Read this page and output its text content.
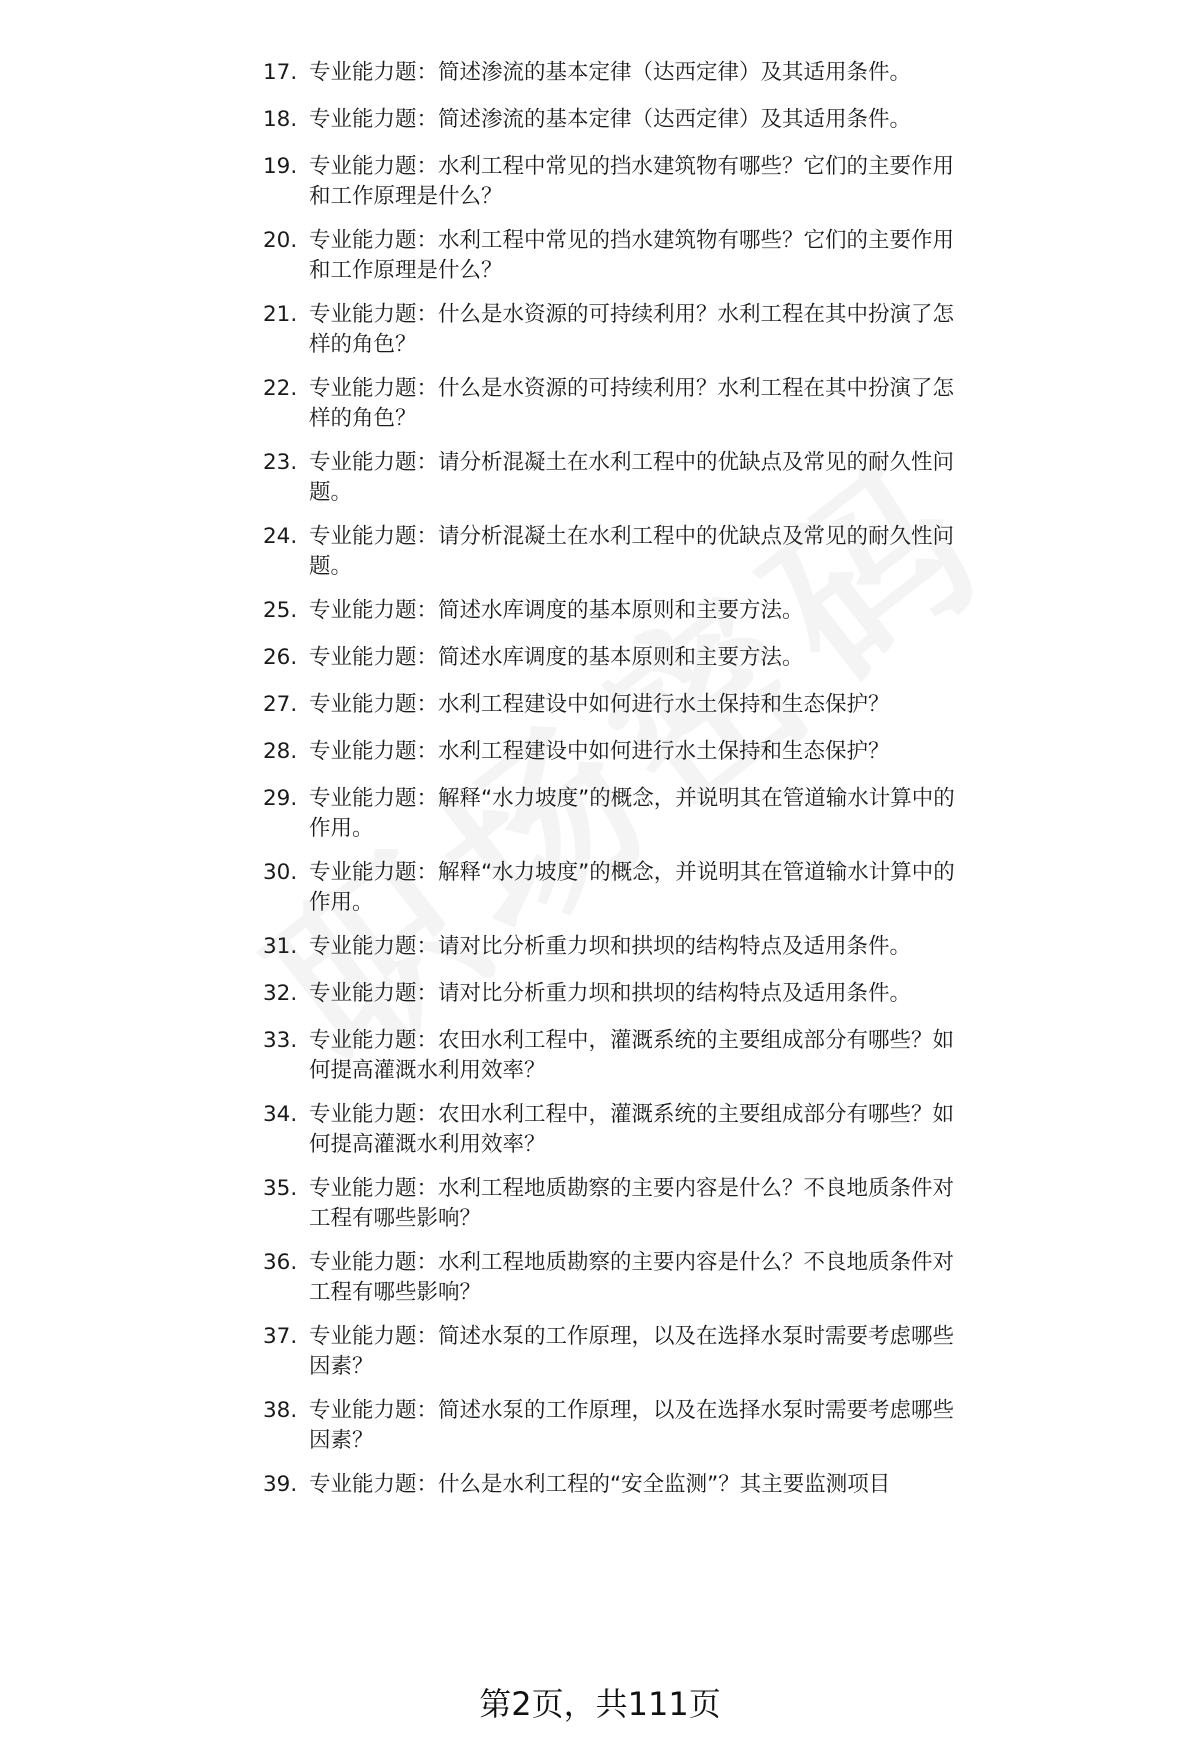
17. 专业能力题：简述渗流的基本定律（达西定律）及其适用条件。
18. 专业能力题：简述渗流的基本定律（达西定律）及其适用条件。
19. 专业能力题：水利工程中常见的挡水建筑物有哪些？它们的主要作用和工作原理是什么？
20. 专业能力题：水利工程中常见的挡水建筑物有哪些？它们的主要作用和工作原理是什么？
21. 专业能力题：什么是水资源的可持续利用？水利工程在其中扮演了怎样的角色？
22. 专业能力题：什么是水资源的可持续利用？水利工程在其中扮演了怎样的角色？
23. 专业能力题：请分析混凝土在水利工程中的优缺点及常见的耐久性问题。
24. 专业能力题：请分析混凝土在水利工程中的优缺点及常见的耐久性问题。
25. 专业能力题：简述水库调度的基本原则和主要方法。
26. 专业能力题：简述水库调度的基本原则和主要方法。
27. 专业能力题：水利工程建设中如何进行水土保持和生态保护？
28. 专业能力题：水利工程建设中如何进行水土保持和生态保护？
29. 专业能力题：解释“水力坡度”的概念，并说明其在管道输水计算中的作用。
30. 专业能力题：解释“水力坡度”的概念，并说明其在管道输水计算中的作用。
31. 专业能力题：请对比分析重力坝和拱坝的结构特点及适用条件。
32. 专业能力题：请对比分析重力坝和拱坝的结构特点及适用条件。
33. 专业能力题：农田水利工程中，灌溉系统的主要组成部分有哪些？如何提高灌溉水利用效率？
34. 专业能力题：农田水利工程中，灌溉系统的主要组成部分有哪些？如何提高灌溉水利用效率？
35. 专业能力题：水利工程地质勘察的主要内容是什么？不良地质条件对工程有哪些影响？
36. 专业能力题：水利工程地质勘察的主要内容是什么？不良地质条件对工程有哪些影响？
37. 专业能力题：简述水泵的工作原理，以及在选择水泵时需要考虑哪些因素？
38. 专业能力题：简述水泵的工作原理，以及在选择水泵时需要考虑哪些因素？
39. 专业能力题：什么是水利工程的“安全监测”？其主要监测项目
第2页，共111页
